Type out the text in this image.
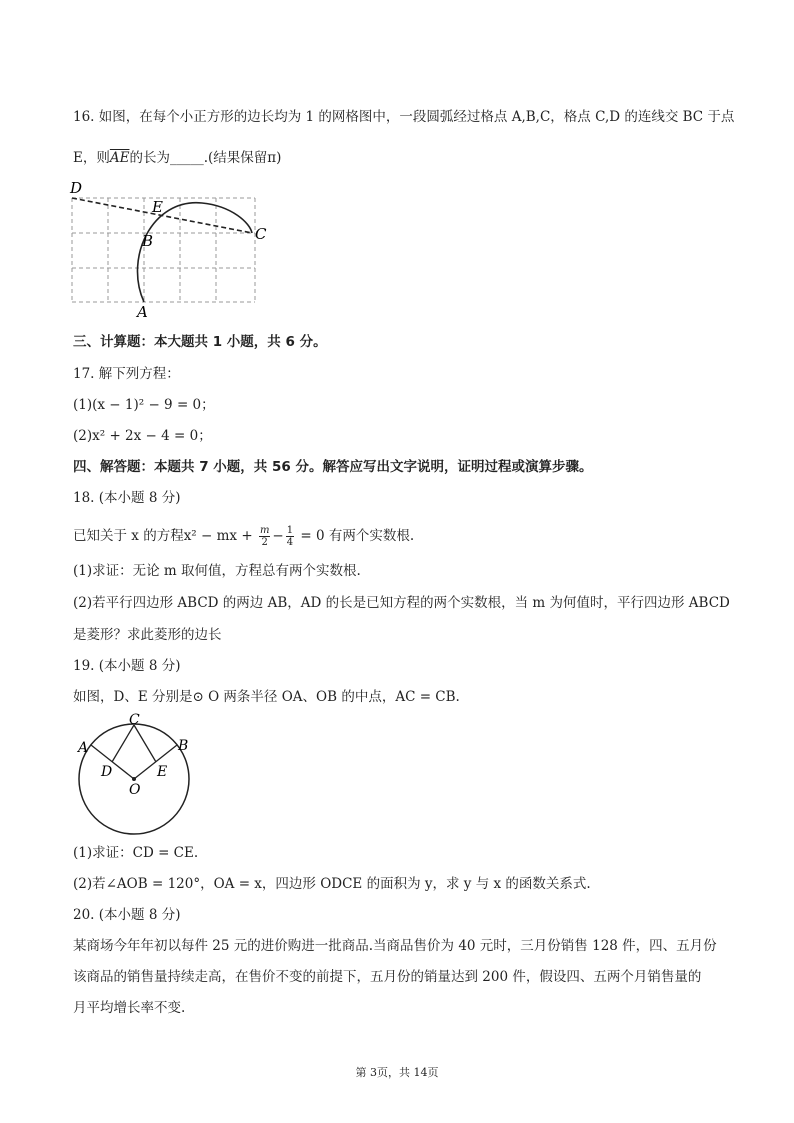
16. 如图，在每个小正方形的边长均为 1 的网格图中，一段圆弧经过格点 A,B,C，格点 C,D 的连线交 BC 于点
E，则$\overline{AE}$的长为_____.(结果保留π)
D
E
B	C
A
三、计算题：本大题共 1 小题，共 6 分。
17. 解下列方程：
(1)(x − 1)² − 9 = 0；
(2)x² + 2x − 4 = 0；
四、解答题：本题共 7 小题，共 56 分。解答应写出文字说明，证明过程或演算步骤。
18. (本小题 8 分)
已知关于 x 的方程x² − mx + $\frac{m}{2} - \frac{1}{4} = 0$ 有两个实数根.
(1)求证：无论 m 取何值，方程总有两个实数根.
(2)若平行四边形 ABCD 的两边 AB，AD 的长是已知方程的两个实数根，当 m 为何值时，平行四边形 ABCD
是菱形？求此菱形的边长
19. (本小题 8 分)
如图，D、E 分别是⊙ O 两条半径 OA、OB 的中点，AC = CB.
C
A	B
D	E
O
(1)求证：CD = CE.
(2)若∠AOB = 120°，OA = x，四边形 ODCE 的面积为 y，求 y 与 x 的函数关系式.
20. (本小题 8 分)
某商场今年年初以每件 25 元的进价购进一批商品.当商品售价为 40 元时，三月份销售 128 件，四、五月份
该商品的销售量持续走高，在售价不变的前提下，五月份的销量达到 200 件，假设四、五两个月销售量的
月平均增长率不变.
第 3页，共 14页
